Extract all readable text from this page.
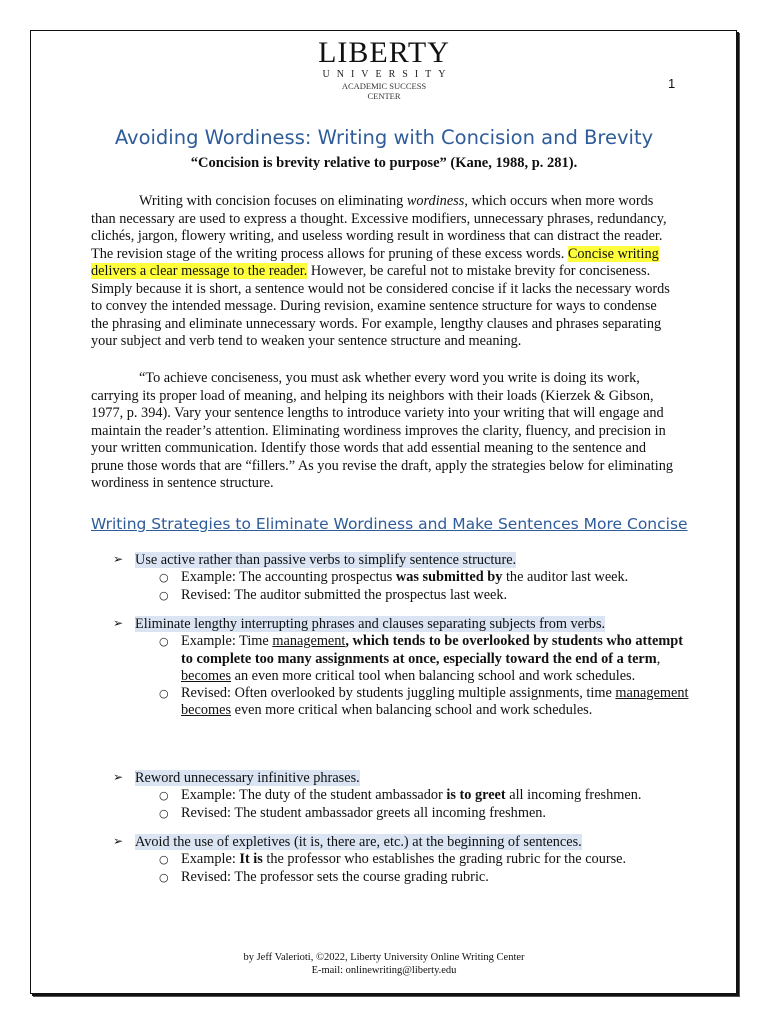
LIBERTY
UNIVERSITY
ACADEMIC SUCCESS
CENTER
1
Avoiding Wordiness: Writing with Concision and Brevity
“Concision is brevity relative to purpose” (Kane, 1988, p. 281).

Writing with concision focuses on eliminating wordiness, which occurs when more words than necessary are used to express a thought. Excessive modifiers, unnecessary phrases, redundancy, clichés, jargon, flowery writing, and useless wording result in wordiness that can distract the reader. The revision stage of the writing process allows for pruning of these excess words. Concise writing delivers a clear message to the reader. However, be careful not to mistake brevity for conciseness. Simply because it is short, a sentence would not be considered concise if it lacks the necessary words to convey the intended message. During revision, examine sentence structure for ways to condense the phrasing and eliminate unnecessary words. For example, lengthy clauses and phrases separating your subject and verb tend to weaken your sentence structure and meaning.

“To achieve conciseness, you must ask whether every word you write is doing its work, carrying its proper load of meaning, and helping its neighbors with their loads (Kierzek & Gibson, 1977, p. 394). Vary your sentence lengths to introduce variety into your writing that will engage and maintain the reader’s attention. Eliminating wordiness improves the clarity, fluency, and precision in your written communication. Identify those words that add essential meaning to the sentence and prune those words that are “fillers.” As you revise the draft, apply the strategies below for eliminating wordiness in sentence structure.

Writing Strategies to Eliminate Wordiness and Make Sentences More Concise
➢ Use active rather than passive verbs to simplify sentence structure.
○ Example: The accounting prospectus was submitted by the auditor last week.
○ Revised: The auditor submitted the prospectus last week.
➢ Eliminate lengthy interrupting phrases and clauses separating subjects from verbs.
○ Example: Time management, which tends to be overlooked by students who attempt to complete too many assignments at once, especially toward the end of a term, becomes an even more critical tool when balancing school and work schedules.
○ Revised: Often overlooked by students juggling multiple assignments, time management becomes even more critical when balancing school and work schedules.
➢ Reword unnecessary infinitive phrases.
○ Example: The duty of the student ambassador is to greet all incoming freshmen.
○ Revised: The student ambassador greets all incoming freshmen.
➢ Avoid the use of expletives (it is, there are, etc.) at the beginning of sentences.
○ Example: It is the professor who establishes the grading rubric for the course.
○ Revised: The professor sets the course grading rubric.
by Jeff Valerioti, ©2022, Liberty University Online Writing Center
E-mail: onlinewriting@liberty.edu
